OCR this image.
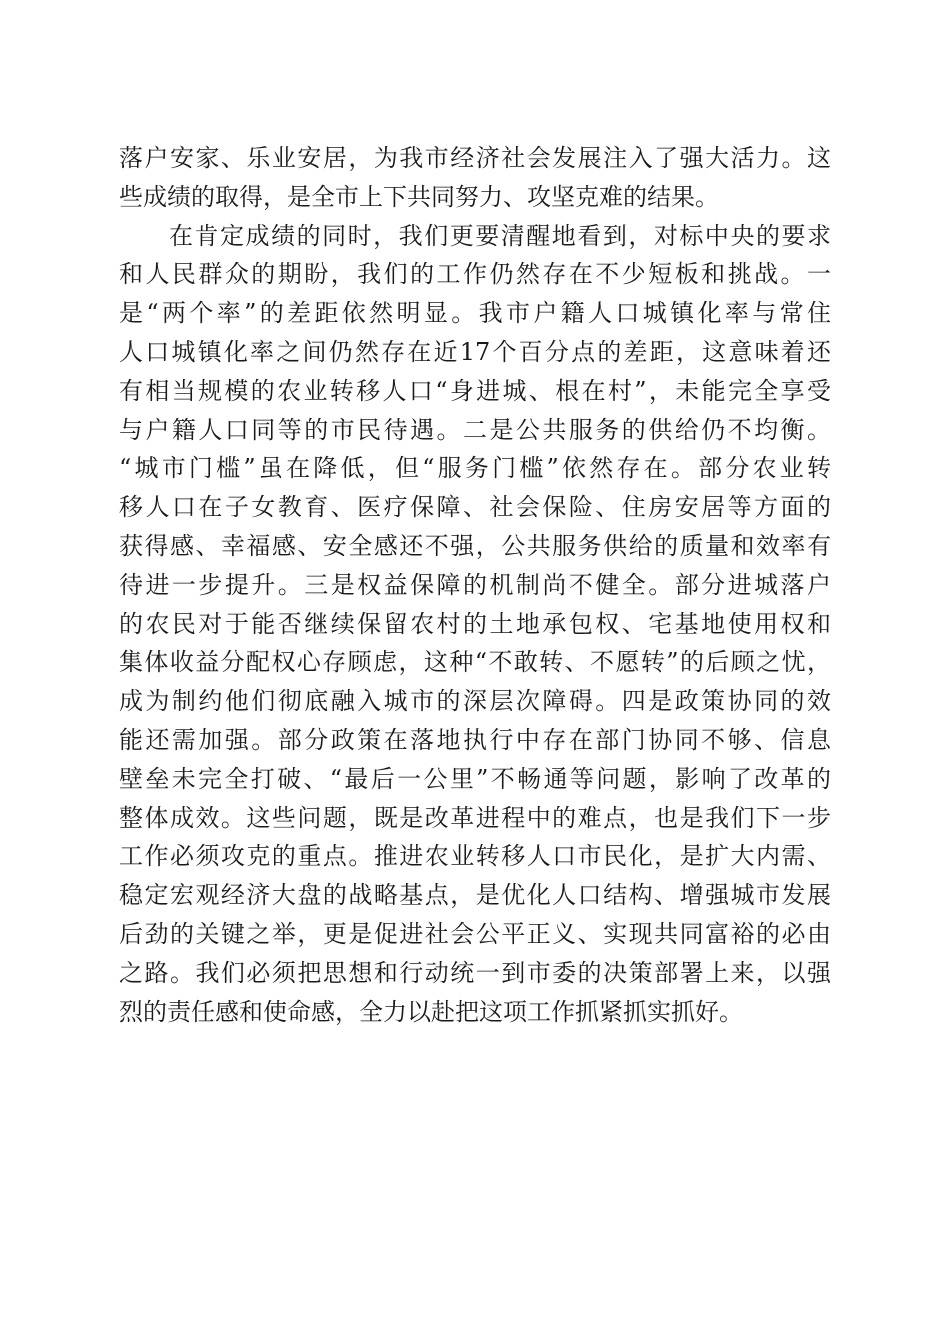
落户安家、乐业安居，为我市经济社会发展注入了强大活力。这
些成绩的取得，是全市上下共同努力、攻坚克难的结果。
在肯定成绩的同时，我们更要清醒地看到，对标中央的要求
和人民群众的期盼，我们的工作仍然存在不少短板和挑战。一
是“两个率”的差距依然明显。我市户籍人口城镇化率与常住
人口城镇化率之间仍然存在近17个百分点的差距，这意味着还
有相当规模的农业转移人口“身进城、根在村”，未能完全享受
与户籍人口同等的市民待遇。二是公共服务的供给仍不均衡。
“城市门槛”虽在降低，但“服务门槛”依然存在。部分农业转
移人口在子女教育、医疗保障、社会保险、住房安居等方面的
获得感、幸福感、安全感还不强，公共服务供给的质量和效率有
待进一步提升。三是权益保障的机制尚不健全。部分进城落户
的农民对于能否继续保留农村的土地承包权、宅基地使用权和
集体收益分配权心存顾虑，这种“不敢转、不愿转”的后顾之忧，
成为制约他们彻底融入城市的深层次障碍。四是政策协同的效
能还需加强。部分政策在落地执行中存在部门协同不够、信息
壁垒未完全打破、“最后一公里”不畅通等问题，影响了改革的
整体成效。这些问题，既是改革进程中的难点，也是我们下一步
工作必须攻克的重点。推进农业转移人口市民化，是扩大内需、
稳定宏观经济大盘的战略基点，是优化人口结构、增强城市发展
后劲的关键之举，更是促进社会公平正义、实现共同富裕的必由
之路。我们必须把思想和行动统一到市委的决策部署上来，以强
烈的责任感和使命感，全力以赴把这项工作抓紧抓实抓好。
